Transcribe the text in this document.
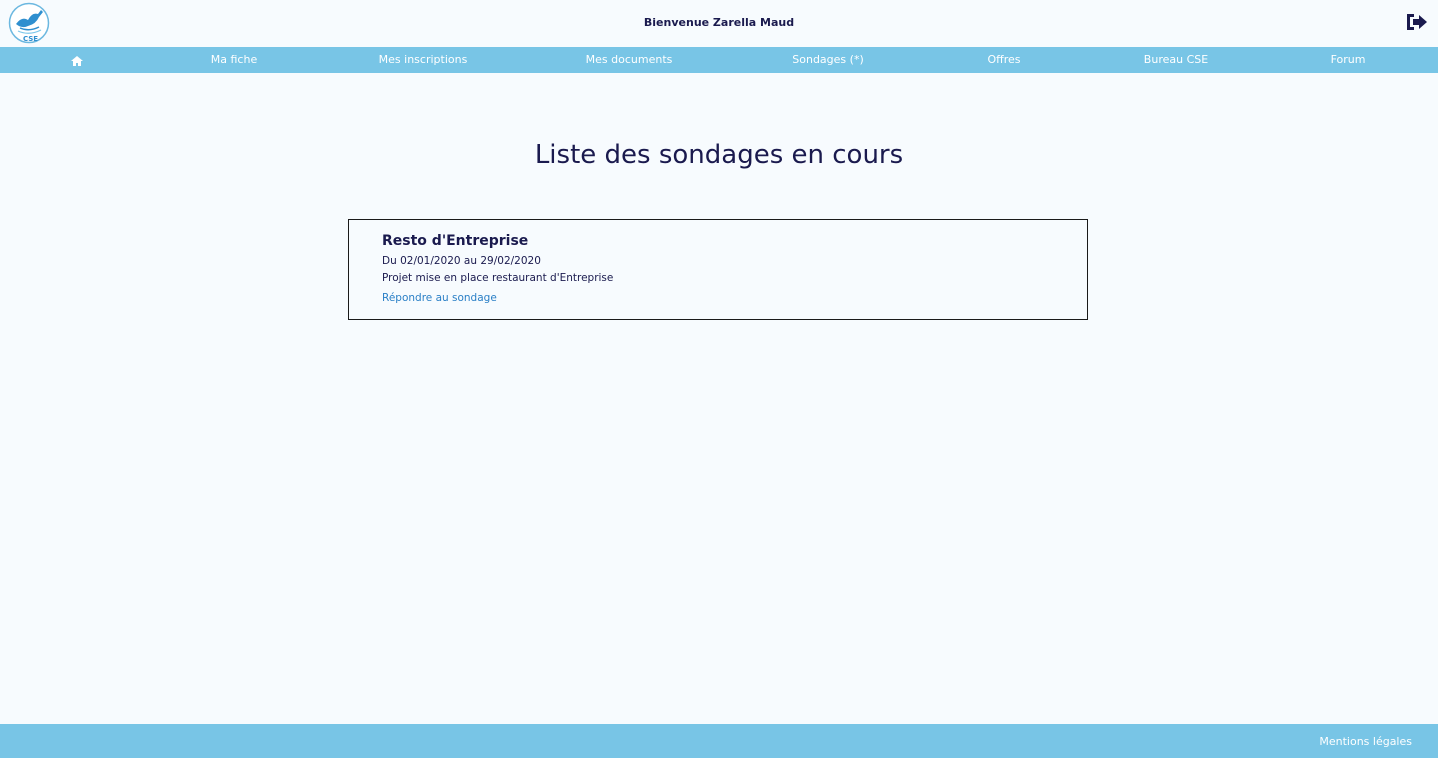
CSE

Bienvenue Zarella Maud

Ma fiche	Mes inscriptions	Mes documents	Sondages (*)	Offres	Bureau CSE	Forum
Liste des sondages en cours
Resto d'Entreprise
Du 02/01/2020 au 29/02/2020
Projet mise en place restaurant d'Entreprise
Répondre au sondage
Mentions légales
